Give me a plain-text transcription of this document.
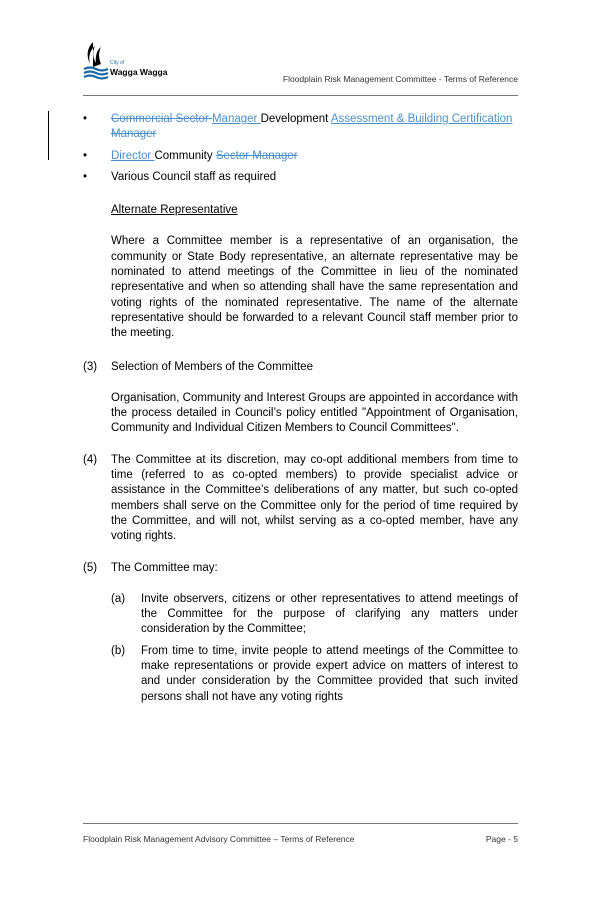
City of
Wagga Wagga
Floodplain Risk Management Committee - Terms of Reference
• Commercial Sector Manager Development Assessment & Building Certification Manager
• Director Community Sector Manager
• Various Council staff as required
Alternate Representative
Where a Committee member is a representative of an organisation, the community or State Body representative, an alternate representative may be nominated to attend meetings of the Committee in lieu of the nominated representative and when so attending shall have the same representation and voting rights of the nominated representative. The name of the alternate representative should be forwarded to a relevant Council staff member prior to the meeting.
(3) Selection of Members of the Committee
Organisation, Community and Interest Groups are appointed in accordance with the process detailed in Council’s policy entitled "Appointment of Organisation, Community and Individual Citizen Members to Council Committees".
(4) The Committee at its discretion, may co-opt additional members from time to time (referred to as co-opted members) to provide specialist advice or assistance in the Committee’s deliberations of any matter, but such co-opted members shall serve on the Committee only for the period of time required by the Committee, and will not, whilst serving as a co-opted member, have any voting rights.
(5) The Committee may:
(a) Invite observers, citizens or other representatives to attend meetings of the Committee for the purpose of clarifying any matters under consideration by the Committee;
(b) From time to time, invite people to attend meetings of the Committee to make representations or provide expert advice on matters of interest to and under consideration by the Committee provided that such invited persons shall not have any voting rights
Floodplain Risk Management Advisory Committee – Terms of Reference	Page - 5
